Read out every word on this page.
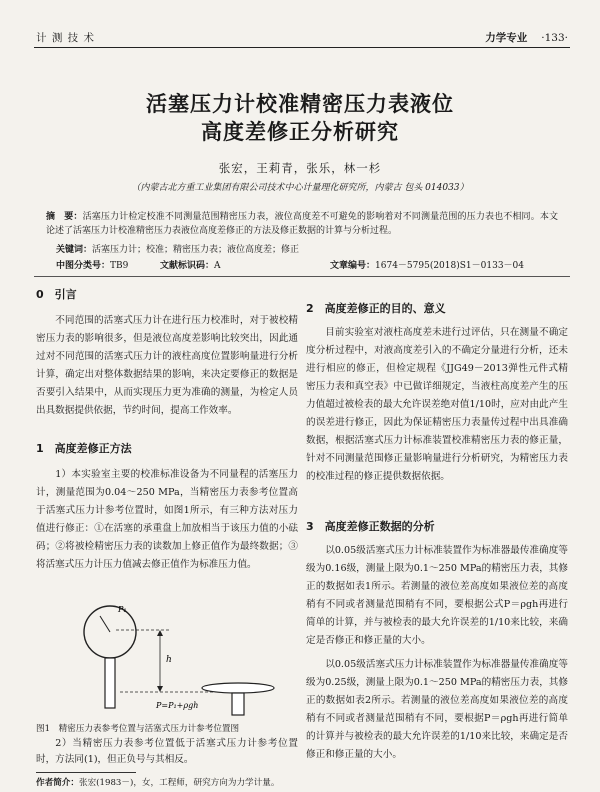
计 测 技 术	力学专业 ·133·
活塞压力计校准精密压力表液位
高度差修正分析研究
张宏，王莉青，张乐，林一杉
（内蒙古北方重工业集团有限公司技术中心计量理化研究所，内蒙古 包头 014033）
摘　要：活塞压力计检定校准不同测量范围精密压力表，液位高度差不可避免的影响着对不同测量范围的压力表也不相同。本文论述了活塞压力计校准精密压力表液位高度差修正的方法及修正数据的计算与分析过程。
关键词：活塞压力计；校准；精密压力表；液位高度差；修正
中图分类号：TB9	文献标识码：A	文章编号：1674－5795(2018)S1－0133－04
0　引言
不同范围的活塞式压力计在进行压力校准时，对于被校精密压力表的影响很多，但是液位高度差影响比较突出，因此通过对不同范围的活塞式压力计的液柱高度位置影响量进行分析计算，确定出对整体数据结果的影响，来决定要修正的数据是否要引入结果中，从而实现压力更为准确的测量，为检定人员出具数据提供依据，节约时间，提高工作效率。
1　高度差修正方法
1）本实验室主要的校准标准设备为不同量程的活塞压力计，测量范围为0.04～250 MPa，当精密压力表参考位置高于活塞式压力计参考位置时，如图1所示，有三种方法对压力值进行修正：①在活塞的承重盘上加放相当于该压力值的小砝码；②将被检精密压力表的读数加上修正值作为最终数据；③将活塞式压力计压力值减去修正值作为标准压力值。
P₁
h
P=P₁+ρgh
图1　精密压力表参考位置与活塞式压力计参考位置图
2）当精密压力表参考位置低于活塞式压力计参考位置时，方法同(1)，但正负号与其相反。
2　高度差修正的目的、意义
目前实验室对液柱高度差未进行过评估，只在测量不确定度分析过程中，对液高度差引入的不确定分量进行分析，还未进行相应的修正，但检定规程《JJG49－2013弹性元件式精密压力表和真空表》中已做详细规定，当液柱高度差产生的压力值超过被检表的最大允许误差绝对值1/10时，应对由此产生的误差进行修正，因此为保证精密压力表量传过程中出具准确数据，根据活塞式压力计标准装置校准精密压力表的修正量，针对不同测量范围修正量影响量进行分析研究，为精密压力表的校准过程的修正提供数据依据。
3　高度差修正数据的分析
以0.05级活塞式压力计标准装置作为标准器最传准确度等级为0.16级，测量上限为0.1～250 MPa的精密压力表，其修正的数据如表1所示。若测量的液位差高度如果液位差的高度稍有不同或者测量范围稍有不同，要根据公式P＝ρgh再进行简单的计算，并与被检表的最大允许误差的1/10来比较，来确定是否修正和修正量的大小。
以0.05级活塞式压力计标准装置作为标准器量传准确度等级为0.25级，测量上限为0.1～250 MPa的精密压力表，其修正的数据如表2所示。若测量的液位差高度如果液位差的高度稍有不同或者测量范围稍有不同，要根据P＝ρgh再进行简单的计算并与被检表的最大允许误差的1/10来比较，来确定是否修正和修正量的大小。
作者简介：张宏(1983－)，女，工程师，研究方向为力学计量。
